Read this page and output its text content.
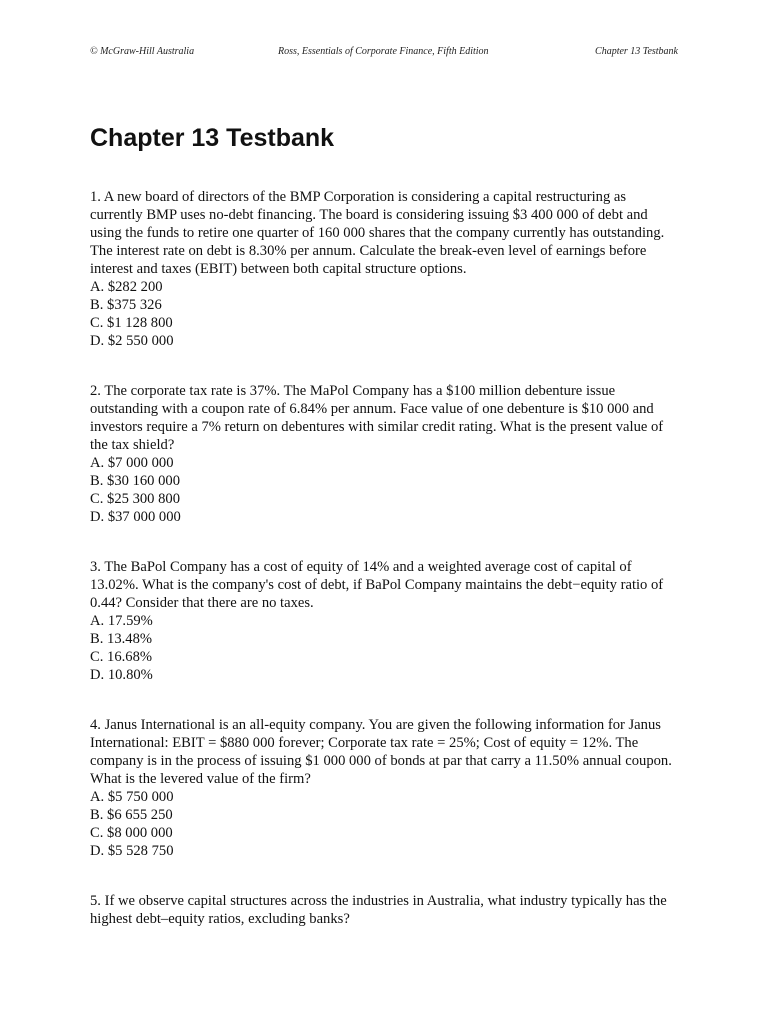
© McGraw-Hill Australia	Ross, Essentials of Corporate Finance, Fifth Edition	Chapter 13 Testbank
Chapter 13 Testbank

1. A new board of directors of the BMP Corporation is considering a capital restructuring as currently BMP uses no-debt financing. The board is considering issuing $3 400 000 of debt and using the funds to retire one quarter of 160 000 shares that the company currently has outstanding. The interest rate on debt is 8.30% per annum. Calculate the break-even level of earnings before interest and taxes (EBIT) between both capital structure options.

A. $282 200

B. $375 326

C. $1 128 800

D. $2 550 000

2. The corporate tax rate is 37%. The MaPol Company has a $100 million debenture issue outstanding with a coupon rate of 6.84% per annum. Face value of one debenture is $10 000 and investors require a 7% return on debentures with similar credit rating. What is the present value of the tax shield?

A. $7 000 000

B. $30 160 000

C. $25 300 800

D. $37 000 000

3. The BaPol Company has a cost of equity of 14% and a weighted average cost of capital of 13.02%. What is the company's cost of debt, if BaPol Company maintains the debt−equity ratio of 0.44? Consider that there are no taxes.

A. 17.59%

B. 13.48%

C. 16.68%

D. 10.80%

4. Janus International is an all-equity company. You are given the following information for Janus International: EBIT = $880 000 forever; Corporate tax rate = 25%; Cost of equity = 12%. The company is in the process of issuing $1 000 000 of bonds at par that carry a 11.50% annual coupon. What is the levered value of the firm?

A. $5 750 000

B. $6 655 250

C. $8 000 000

D. $5 528 750

5. If we observe capital structures across the industries in Australia, what industry typically has the highest debt–equity ratios, excluding banks?
